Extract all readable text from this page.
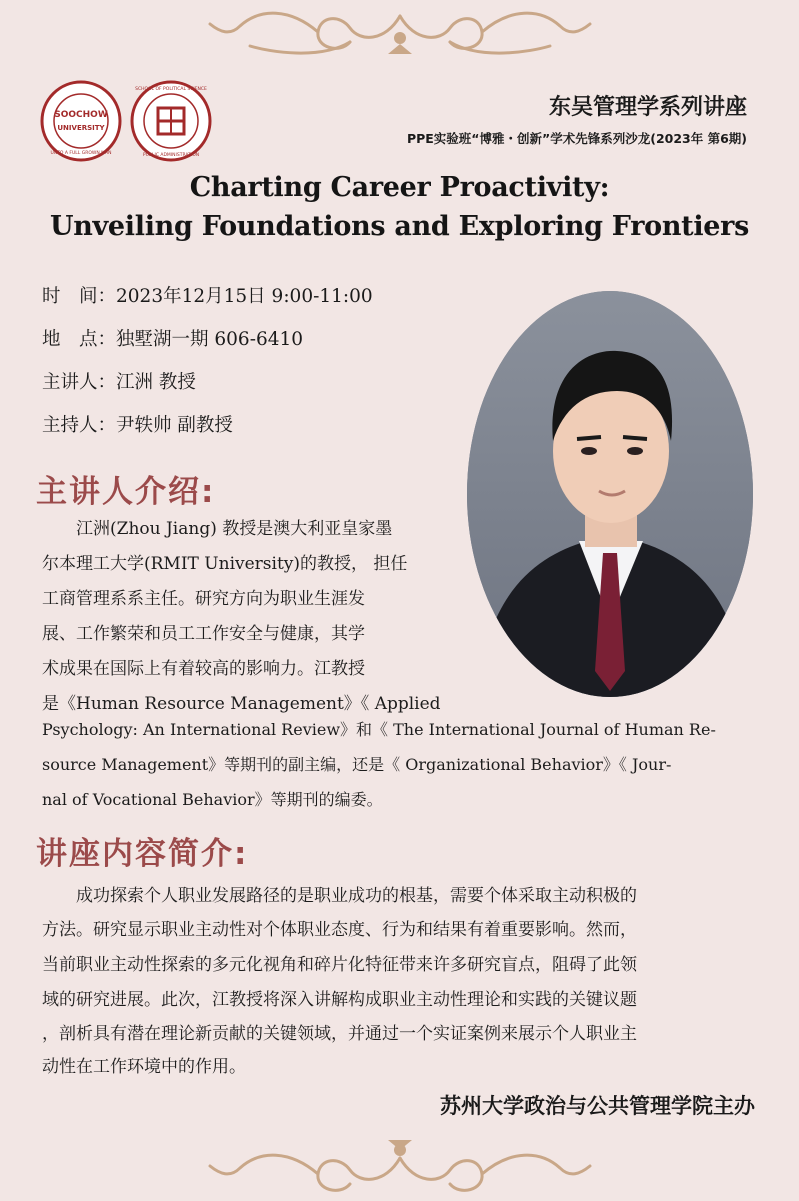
SOOCHOW
UNIVERSITY
UNTO A FULL GROWN MAN
SCHOOL OF POLITICAL SCIENCE
PUBLIC ADMINISTRATION
东吴管理学系列讲座
PPE实验班“博雅・创新”学术先锋系列沙龙(2023年 第6期)
Charting Career Proactivity:
Unveiling Foundations and Exploring Frontiers
时　间：2023年12月15日 9:00-11:00
地　点：独墅湖一期 606-6410
主讲人：江洲 教授
主持人：尹轶帅 副教授
主讲人介绍:
　　江洲(Zhou Jiang) 教授是澳大利亚皇家墨
尔本理工大学(RMIT University)的教授， 担任
工商管理系系主任。研究方向为职业生涯发
展、工作繁荣和员工工作安全与健康，其学
术成果在国际上有着较高的影响力。江教授
是《Human Resource Management》《 Applied
Psychology: An International Review》和《 The International Journal of Human Re-
source Management》等期刊的副主编，还是《 Organizational Behavior》《 Jour-
nal of Vocational Behavior》等期刊的编委。
讲座内容简介:
　　成功探索个人职业发展路径的是职业成功的根基，需要个体采取主动积极的
方法。研究显示职业主动性对个体职业态度、行为和结果有着重要影响。然而，
当前职业主动性探索的多元化视角和碎片化特征带来许多研究盲点，阻碍了此领
域的研究进展。此次，江教授将深入讲解构成职业主动性理论和实践的关键议题
，剖析具有潜在理论新贡献的关键领域，并通过一个实证案例来展示个人职业主
动性在工作环境中的作用。
苏州大学政治与公共管理学院主办
